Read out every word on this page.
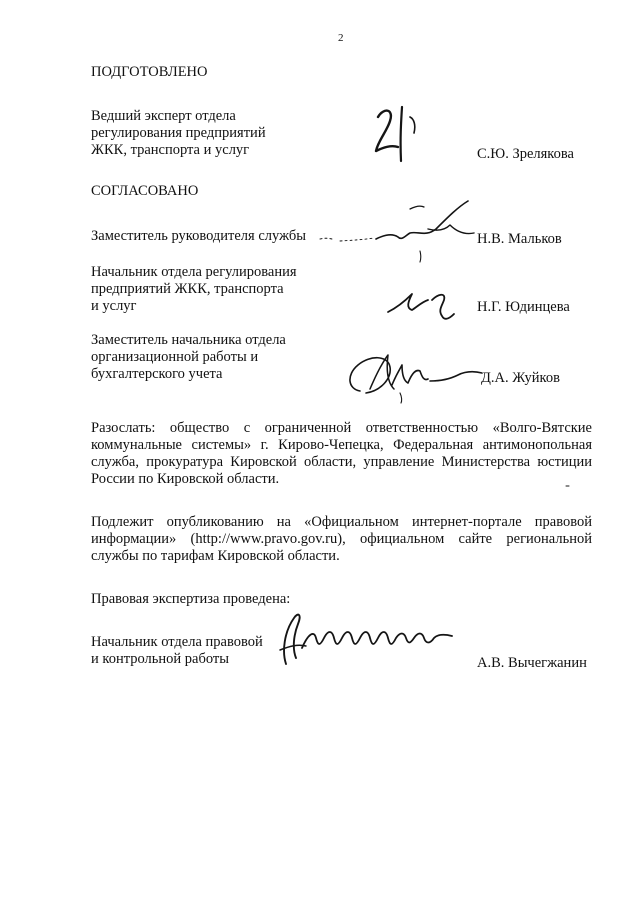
2
ПОДГОТОВЛЕНО
Ведший эксперт отдела
регулирования предприятий
ЖКК, транспорта и услуг	С.Ю. Зрелякова
СОГЛАСОВАНО
Заместитель руководителя службы	Н.В. Мальков
Начальник отдела регулирования
предприятий ЖКК, транспорта
и услуг	Н.Г. Юдинцева
Заместитель начальника отдела
организационной работы и
бухгалтерского учета	Д.А. Жуйков
Разослать: общество с ограниченной ответственностью «Волго-Вятские коммунальные системы» г. Кирово-Чепецка, Федеральная антимонопольная служба, прокуратура Кировской области, управление Министерства юстиции России по Кировской области.
Подлежит опубликованию на «Официальном интернет-портале правовой информации» (http://www.pravo.gov.ru), официальном сайте региональной службы по тарифам Кировской области.
Правовая экспертиза проведена:
Начальник отдела правовой
и контрольной работы	А.В. Вычегжанин
